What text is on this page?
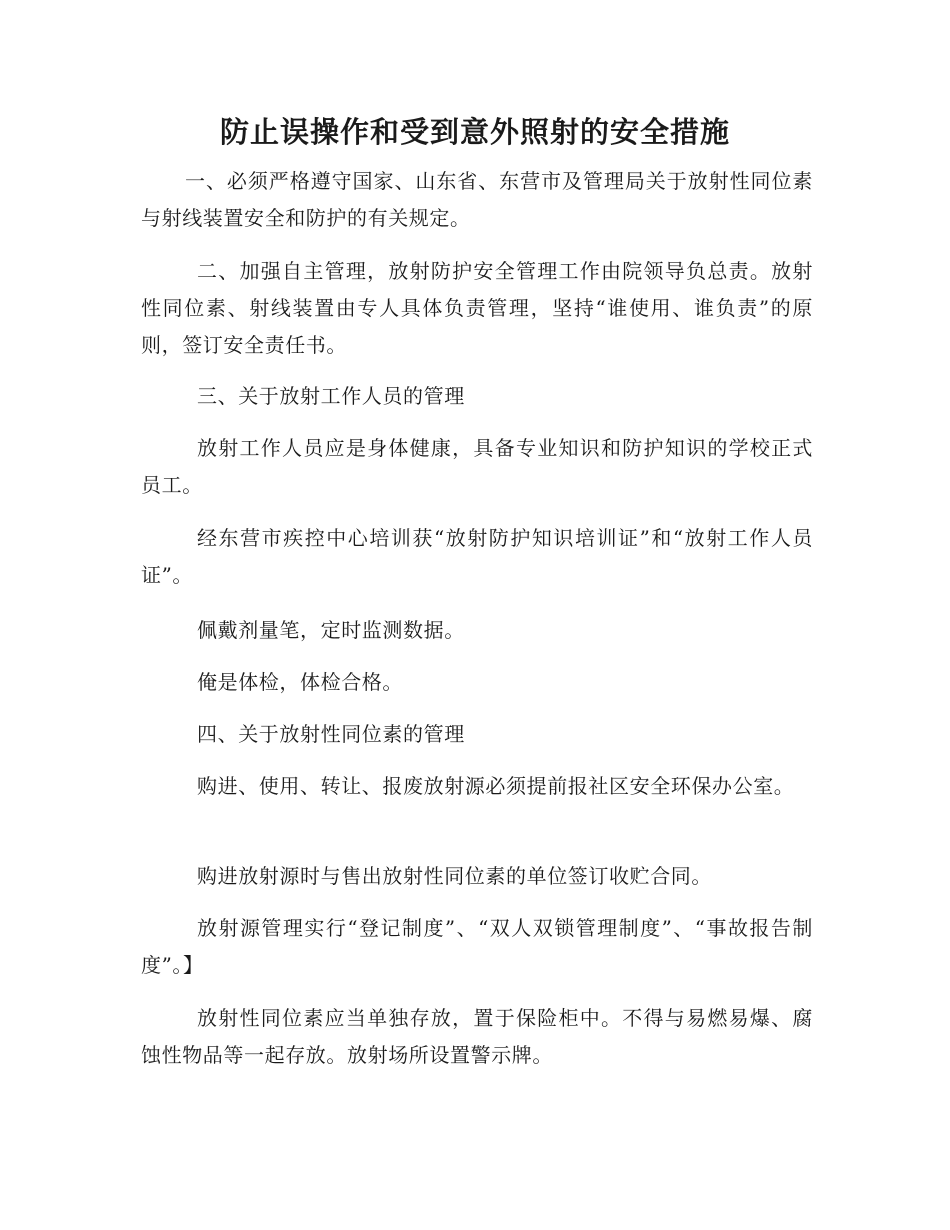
防止误操作和受到意外照射的安全措施

一、必须严格遵守国家、山东省、东营市及管理局关于放射性同位素与射线装置安全和防护的有关规定。

二、加强自主管理，放射防护安全管理工作由院领导负总责。放射性同位素、射线装置由专人具体负责管理，坚持“谁使用、谁负责”的原则，签订安全责任书。

三、关于放射工作人员的管理

放射工作人员应是身体健康，具备专业知识和防护知识的学校正式员工。

经东营市疾控中心培训获“放射防护知识培训证”和“放射工作人员证”。

佩戴剂量笔，定时监测数据。

俺是体检，体检合格。

四、关于放射性同位素的管理

购进、使用、转让、报废放射源必须提前报社区安全环保办公室。

购进放射源时与售出放射性同位素的单位签订收贮合同。

放射源管理实行“登记制度”、“双人双锁管理制度”、“事故报告制度”。】

放射性同位素应当单独存放，置于保险柜中。不得与易燃易爆、腐蚀性物品等一起存放。放射场所设置警示牌。
